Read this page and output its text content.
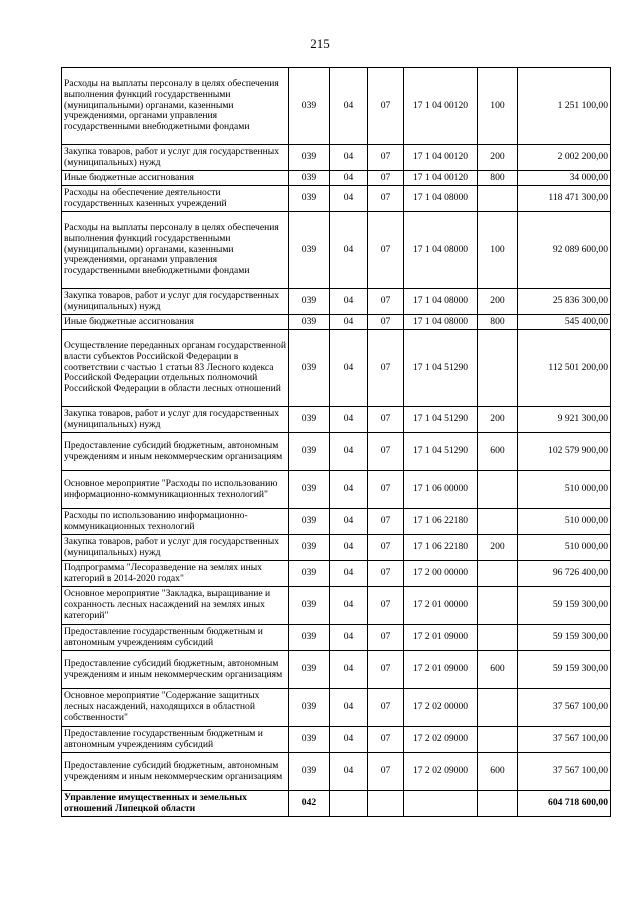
215
Расходы на выплаты персоналу в целях обеспечения выполнения функций государственными (муниципальными) органами, казенными учреждениями, органами управления государственными внебюджетными фондами	039	04	07	17 1 04 00120	100	1 251 100,00
Закупка товаров, работ и услуг для государственных (муниципальных) нужд	039	04	07	17 1 04 00120	200	2 002 200,00
Иные бюджетные ассигнования	039	04	07	17 1 04 00120	800	34 000,00
Расходы на обеспечение деятельности государственных казенных учреждений	039	04	07	17 1 04 08000		118 471 300,00
Расходы на выплаты персоналу в целях обеспечения выполнения функций государственными (муниципальными) органами, казенными учреждениями, органами управления государственными внебюджетными фондами	039	04	07	17 1 04 08000	100	92 089 600,00
Закупка товаров, работ и услуг для государственных (муниципальных) нужд	039	04	07	17 1 04 08000	200	25 836 300,00
Иные бюджетные ассигнования	039	04	07	17 1 04 08000	800	545 400,00
Осуществление переданных органам государственной власти субъектов Российской Федерации в соответствии с частью 1 статьи 83 Лесного кодекса Российской Федерации отдельных полномочий Российской Федерации в области лесных отношений	039	04	07	17 1 04 51290		112 501 200,00
Закупка товаров, работ и услуг для государственных (муниципальных) нужд	039	04	07	17 1 04 51290	200	9 921 300,00
Предоставление субсидий бюджетным, автономным учреждениям и иным некоммерческим организациям	039	04	07	17 1 04 51290	600	102 579 900,00
Основное мероприятие "Расходы по использованию информационно-коммуникационных технологий"	039	04	07	17 1 06 00000		510 000,00
Расходы по использованию информационно-коммуникационных технологий	039	04	07	17 1 06 22180		510 000,00
Закупка товаров, работ и услуг для государственных (муниципальных) нужд	039	04	07	17 1 06 22180	200	510 000,00
Подпрограмма "Лесоразведение на землях иных категорий в 2014-2020 годах"	039	04	07	17 2 00 00000		96 726 400,00
Основное мероприятие "Закладка, выращивание и сохранность лесных насаждений на землях иных категорий"	039	04	07	17 2 01 00000		59 159 300,00
Предоставление государственным бюджетным и автономным учреждениям субсидий	039	04	07	17 2 01 09000		59 159 300,00
Предоставление субсидий бюджетным, автономным учреждениям и иным некоммерческим организациям	039	04	07	17 2 01 09000	600	59 159 300,00
Основное мероприятие "Содержание защитных лесных насаждений, находящихся в областной собственности"	039	04	07	17 2 02 00000		37 567 100,00
Предоставление государственным бюджетным и автономным учреждениям субсидий	039	04	07	17 2 02 09000		37 567 100,00
Предоставление субсидий бюджетным, автономным учреждениям и иным некоммерческим организациям	039	04	07	17 2 02 09000	600	37 567 100,00
Управление имущественных и земельных отношений Липецкой области	042					604 718 600,00
